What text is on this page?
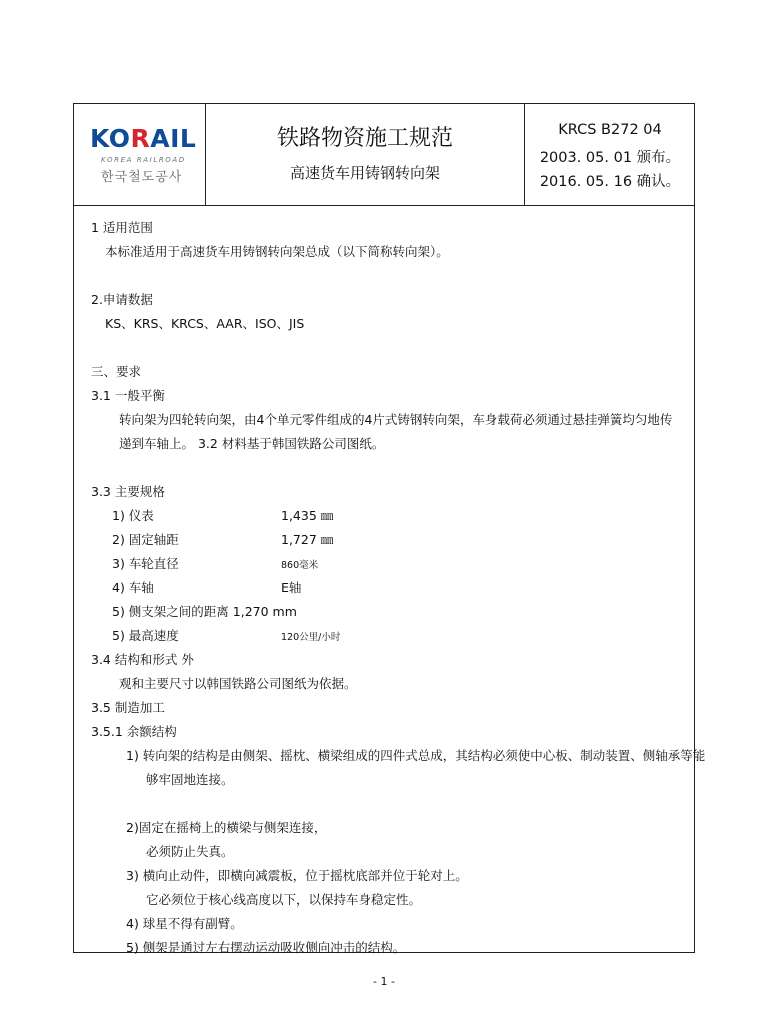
KORAIL
KOREA RAILROAD
한국철도공사
铁路物资施工规范
高速货车用铸钢转向架
KRCS B272 04
2003. 05. 01 颁布。
2016. 05. 16 确认。
1 适用范围
本标准适用于高速货车用铸钢转向架总成（以下简称转向架）。
2.申请数据
KS、KRS、KRCS、AAR、ISO、JIS
三、要求
3.1 一般平衡
转向架为四轮转向架，由4个单元零件组成的4片式铸钢转向架，车身载荷必须通过悬挂弹簧均匀地传
递到车轴上。 3.2 材料基于韩国铁路公司图纸。
3.3 主要规格
1) 仪表	1,435 ㎜
2) 固定轴距	1,727 ㎜
3) 车轮直径	860毫米
4) 车轴	E轴
5) 侧支架之间的距离 1,270 mm
5) 最高速度	120公里/小时
3.4 结构和形式 外
观和主要尺寸以韩国铁路公司图纸为依据。
3.5 制造加工
3.5.1 余额结构
1) 转向架的结构是由侧架、摇枕、横梁组成的四件式总成，其结构必须使中心板、制动装置、侧轴承等能
够牢固地连接。
2)固定在摇椅上的横梁与侧架连接，
必须防止失真。
3) 横向止动件，即横向减震板，位于摇枕底部并位于轮对上。
它必须位于核心线高度以下，以保持车身稳定性。
4) 球星不得有副臂。
5) 侧架是通过左右摆动运动吸收侧向冲击的结构。
- 1 -
